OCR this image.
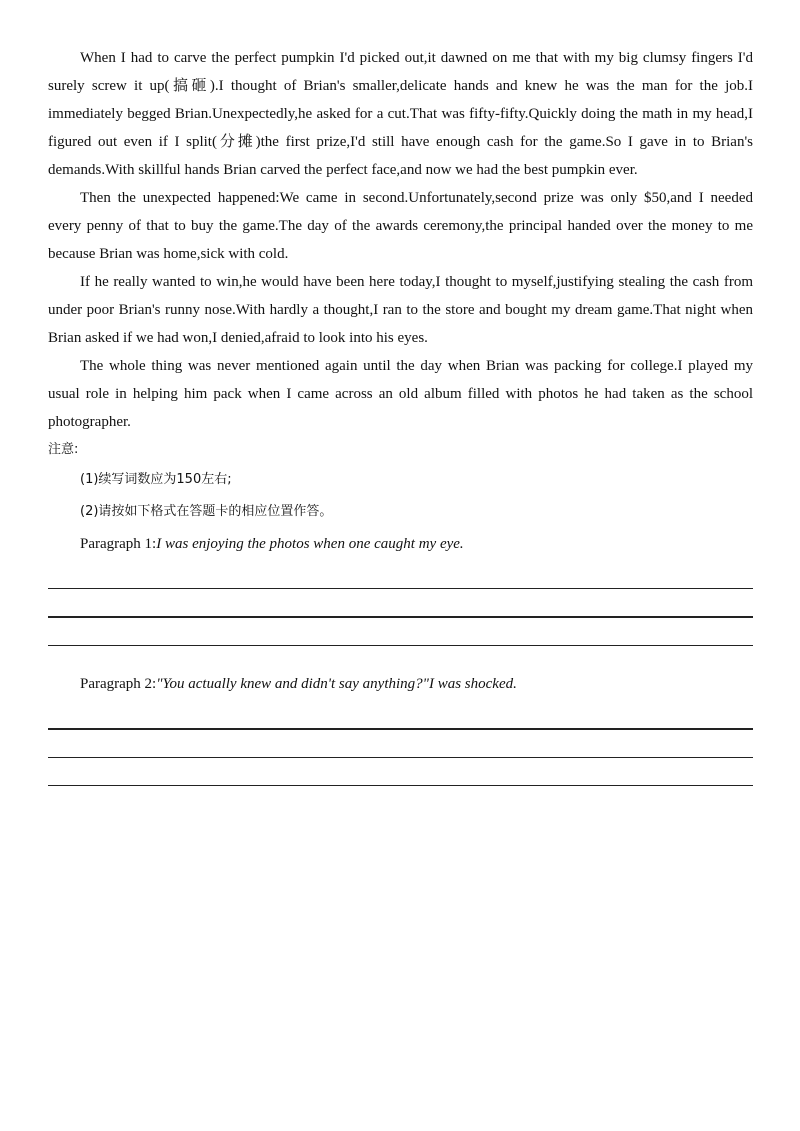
When I had to carve the perfect pumpkin I'd picked out,it dawned on me that with my big clumsy fingers I'd surely screw it up(搞砸).I thought of Brian's smaller,delicate hands and knew he was the man for the job.I immediately begged Brian.Unexpectedly,he asked for a cut.That was fifty-fifty.Quickly doing the math in my head,I figured out even if I split(分摊)the first prize,I'd still have enough cash for the game.So I gave in to Brian's demands.With skillful hands Brian carved the perfect face,and now we had the best pumpkin ever.

Then the unexpected happened:We came in second.Unfortunately,second prize was only $50,and I needed every penny of that to buy the game.The day of the awards ceremony,the principal handed over the money to me because Brian was home,sick with cold.

If he really wanted to win,he would have been here today,I thought to myself,justifying stealing the cash from under poor Brian's runny nose.With hardly a thought,I ran to the store and bought my dream game.That night when Brian asked if we had won,I denied,afraid to look into his eyes.

The whole thing was never mentioned again until the day when Brian was packing for college.I played my usual role in helping him pack when I came across an old album filled with photos he had taken as the school photographer.

注意:

(1)续写词数应为150左右;

(2)请按如下格式在答题卡的相应位置作答。

Paragraph 1:I was enjoying the photos when one caught my eye.

Paragraph 2:"You actually knew and didn't say anything?"I was shocked.
